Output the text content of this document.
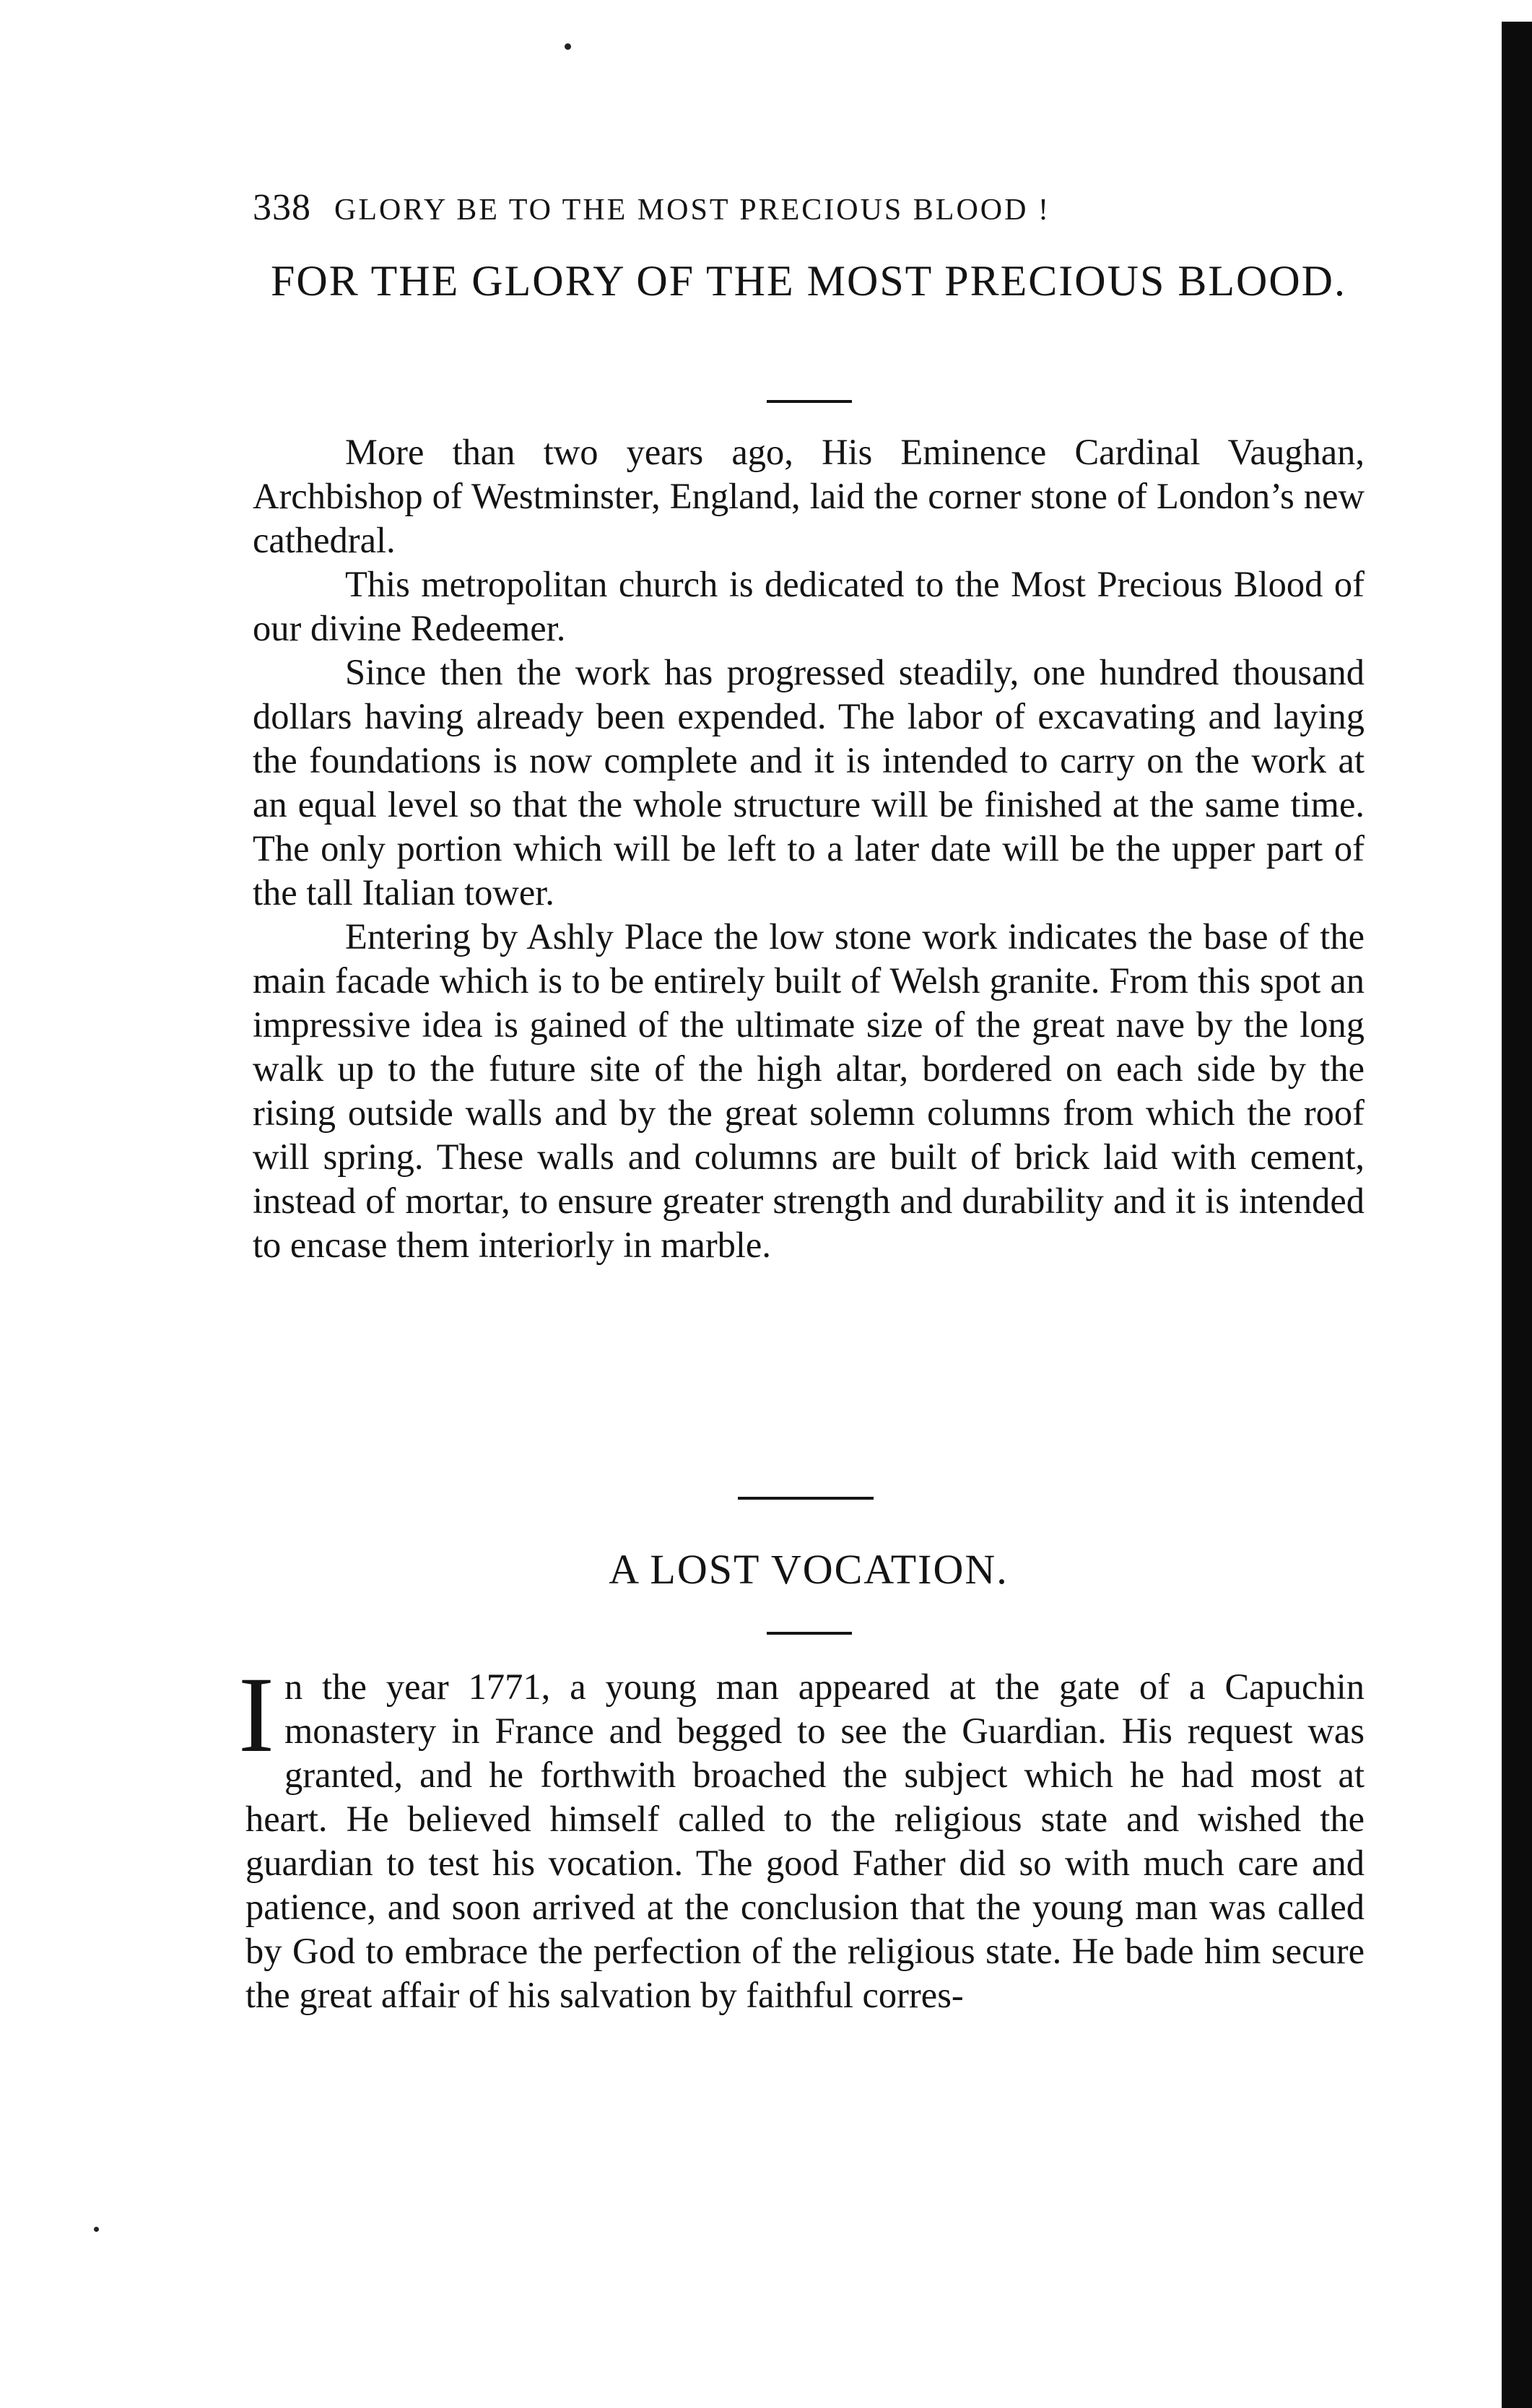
338 GLORY BE TO THE MOST PRECIOUS BLOOD !
FOR THE GLORY OF THE MOST PRECIOUS BLOOD.

More than two years ago, His Eminence Cardinal Vaughan, Archbishop of Westminster, England, laid the corner stone of London’s new cathedral.

This metropolitan church is dedicated to the Most Precious Blood of our divine Redeemer.

Since then the work has progressed steadily, one hundred thousand dollars having already been expended. The labor of excavating and laying the foundations is now complete and it is intended to carry on the work at an equal level so that the whole structure will be finished at the same time. The only portion which will be left to a later date will be the upper part of the tall Italian tower.

Entering by Ashly Place the low stone work indicates the base of the main facade which is to be entirely built of Welsh granite. From this spot an impressive idea is gained of the ultimate size of the great nave by the long walk up to the future site of the high altar, bordered on each side by the rising outside walls and by the great solemn columns from which the roof will spring. These walls and columns are built of brick laid with cement, instead of mortar, to ensure greater strength and durability and it is intended to encase them interiorly in marble.

A LOST VOCATION.

In the year 1771, a young man appeared at the gate of a Capuchin monastery in France and begged to see the Guardian. His request was granted, and he forthwith broached the subject which he had most at heart. He believed himself called to the religious state and wished the guardian to test his vocation. The good Father did so with much care and patience, and soon arrived at the conclusion that the young man was called by God to embrace the perfection of the religious state. He bade him secure the great affair of his salvation by faithful corres-
